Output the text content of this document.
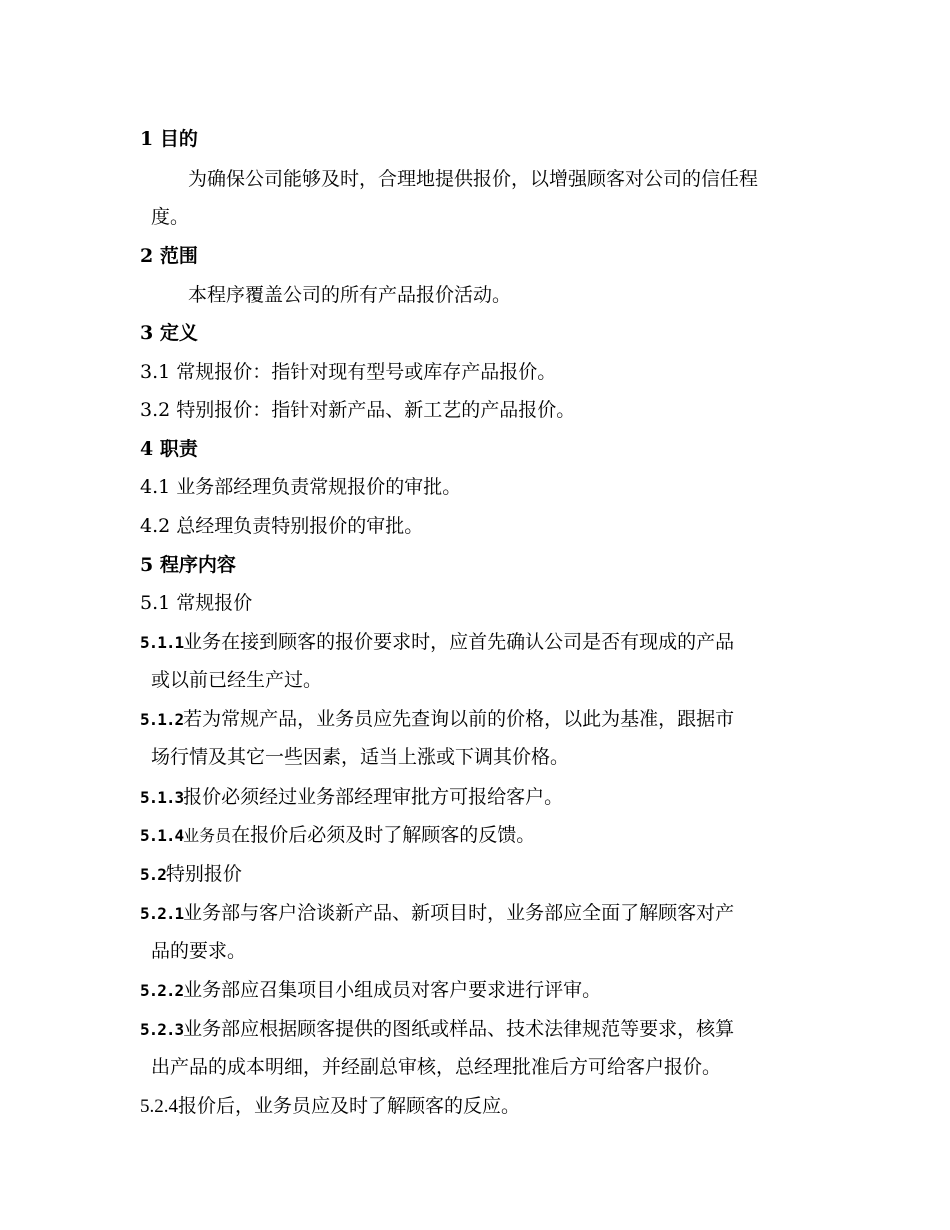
1 目的
为确保公司能够及时，合理地提供报价，以增强顾客对公司的信任程
度。
2 范围
本程序覆盖公司的所有产品报价活动。
3 定义
3.1 常规报价：指针对现有型号或库存产品报价。
3.2 特别报价：指针对新产品、新工艺的产品报价。
4 职责
4.1 业务部经理负责常规报价的审批。
4.2 总经理负责特别报价的审批。
5 程序内容
5.1 常规报价
5.1.1业务在接到顾客的报价要求时，应首先确认公司是否有现成的产品
或以前已经生产过。
5.1.2若为常规产品，业务员应先查询以前的价格，以此为基准，跟据市
场行情及其它一些因素，适当上涨或下调其价格。
5.1.3报价必须经过业务部经理审批方可报给客户。
5.1.4业务员在报价后必须及时了解顾客的反馈。
5.2特别报价
5.2.1业务部与客户洽谈新产品、新项目时，业务部应全面了解顾客对产
品的要求。
5.2.2业务部应召集项目小组成员对客户要求进行评审。
5.2.3业务部应根据顾客提供的图纸或样品、技术法律规范等要求，核算
出产品的成本明细，并经副总审核，总经理批准后方可给客户报价。
5.2.4报价后，业务员应及时了解顾客的反应。
